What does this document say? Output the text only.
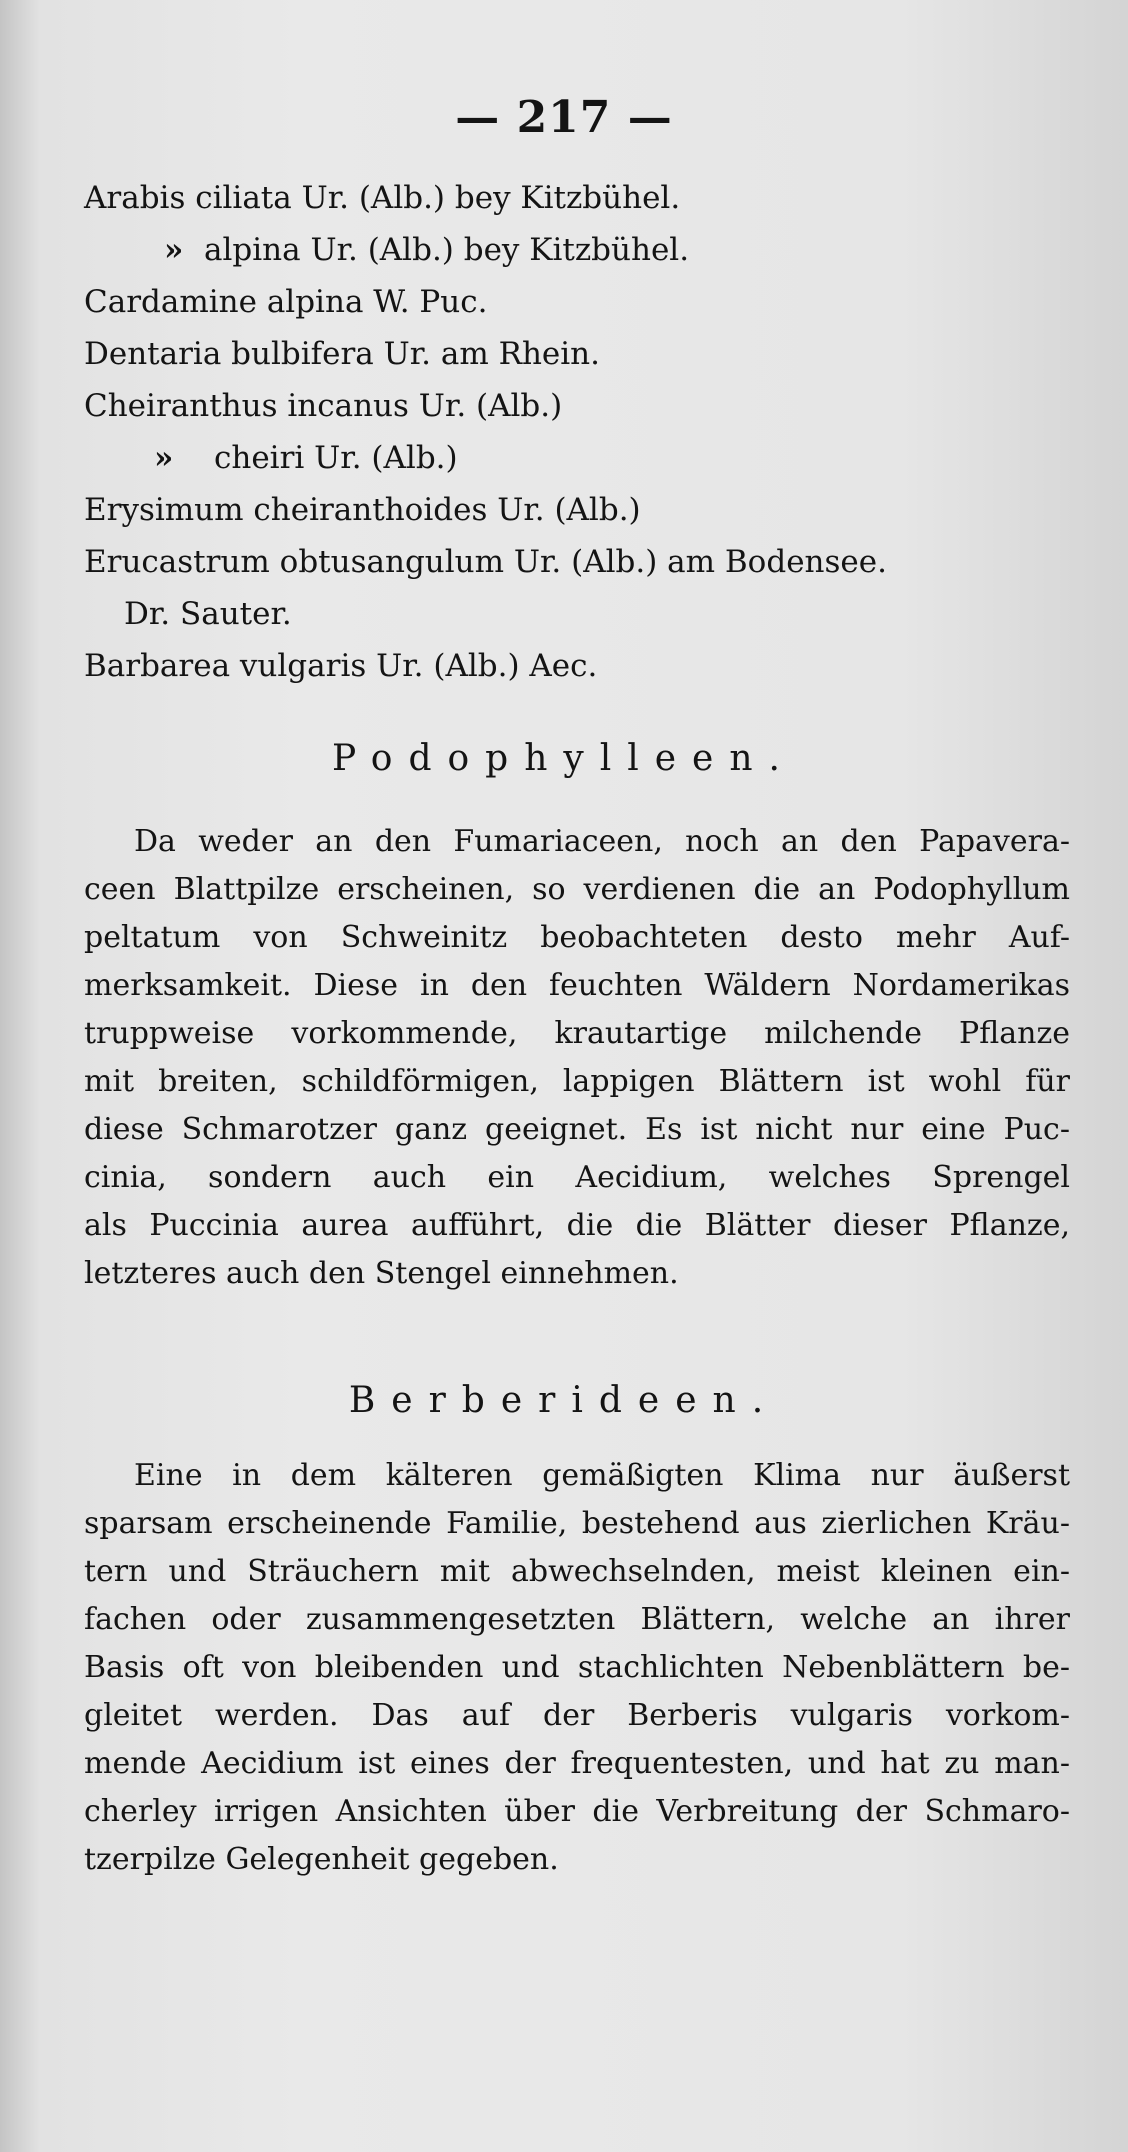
— 217 —
Arabis ciliata Ur. (Alb.) bey Kitzbühel.
» alpina Ur. (Alb.) bey Kitzbühel.
Cardamine alpina W. Puc.
Dentaria bulbifera Ur. am Rhein.
Cheiranthus incanus Ur. (Alb.)
» cheiri Ur. (Alb.)
Erysimum cheiranthoides Ur. (Alb.)
Erucastrum obtusangulum Ur. (Alb.) am Bodensee.
Dr. Sauter.
Barbarea vulgaris Ur. (Alb.) Aec.
Podophylleen.
Da weder an den Fumariaceen, noch an den Papavera-
ceen Blattpilze erscheinen, so verdienen die an Podophyllum
peltatum von Schweinitz beobachteten desto mehr Auf-
merksamkeit. Diese in den feuchten Wäldern Nordamerikas
truppweise vorkommende, krautartige milchende Pflanze
mit breiten, schildförmigen, lappigen Blättern ist wohl für
diese Schmarotzer ganz geeignet. Es ist nicht nur eine Puc-
cinia, sondern auch ein Aecidium, welches Sprengel
als Puccinia aurea aufführt, die die Blätter dieser Pflanze,
letzteres auch den Stengel einnehmen.
Berberideen.
Eine in dem kälteren gemäßigten Klima nur äußerst
sparsam erscheinende Familie, bestehend aus zierlichen Kräu-
tern und Sträuchern mit abwechselnden, meist kleinen ein-
fachen oder zusammengesetzten Blättern, welche an ihrer
Basis oft von bleibenden und stachlichten Nebenblättern be-
gleitet werden. Das auf der Berberis vulgaris vorkom-
mende Aecidium ist eines der frequentesten, und hat zu man-
cherley irrigen Ansichten über die Verbreitung der Schmaro-
tzerpilze Gelegenheit gegeben.
